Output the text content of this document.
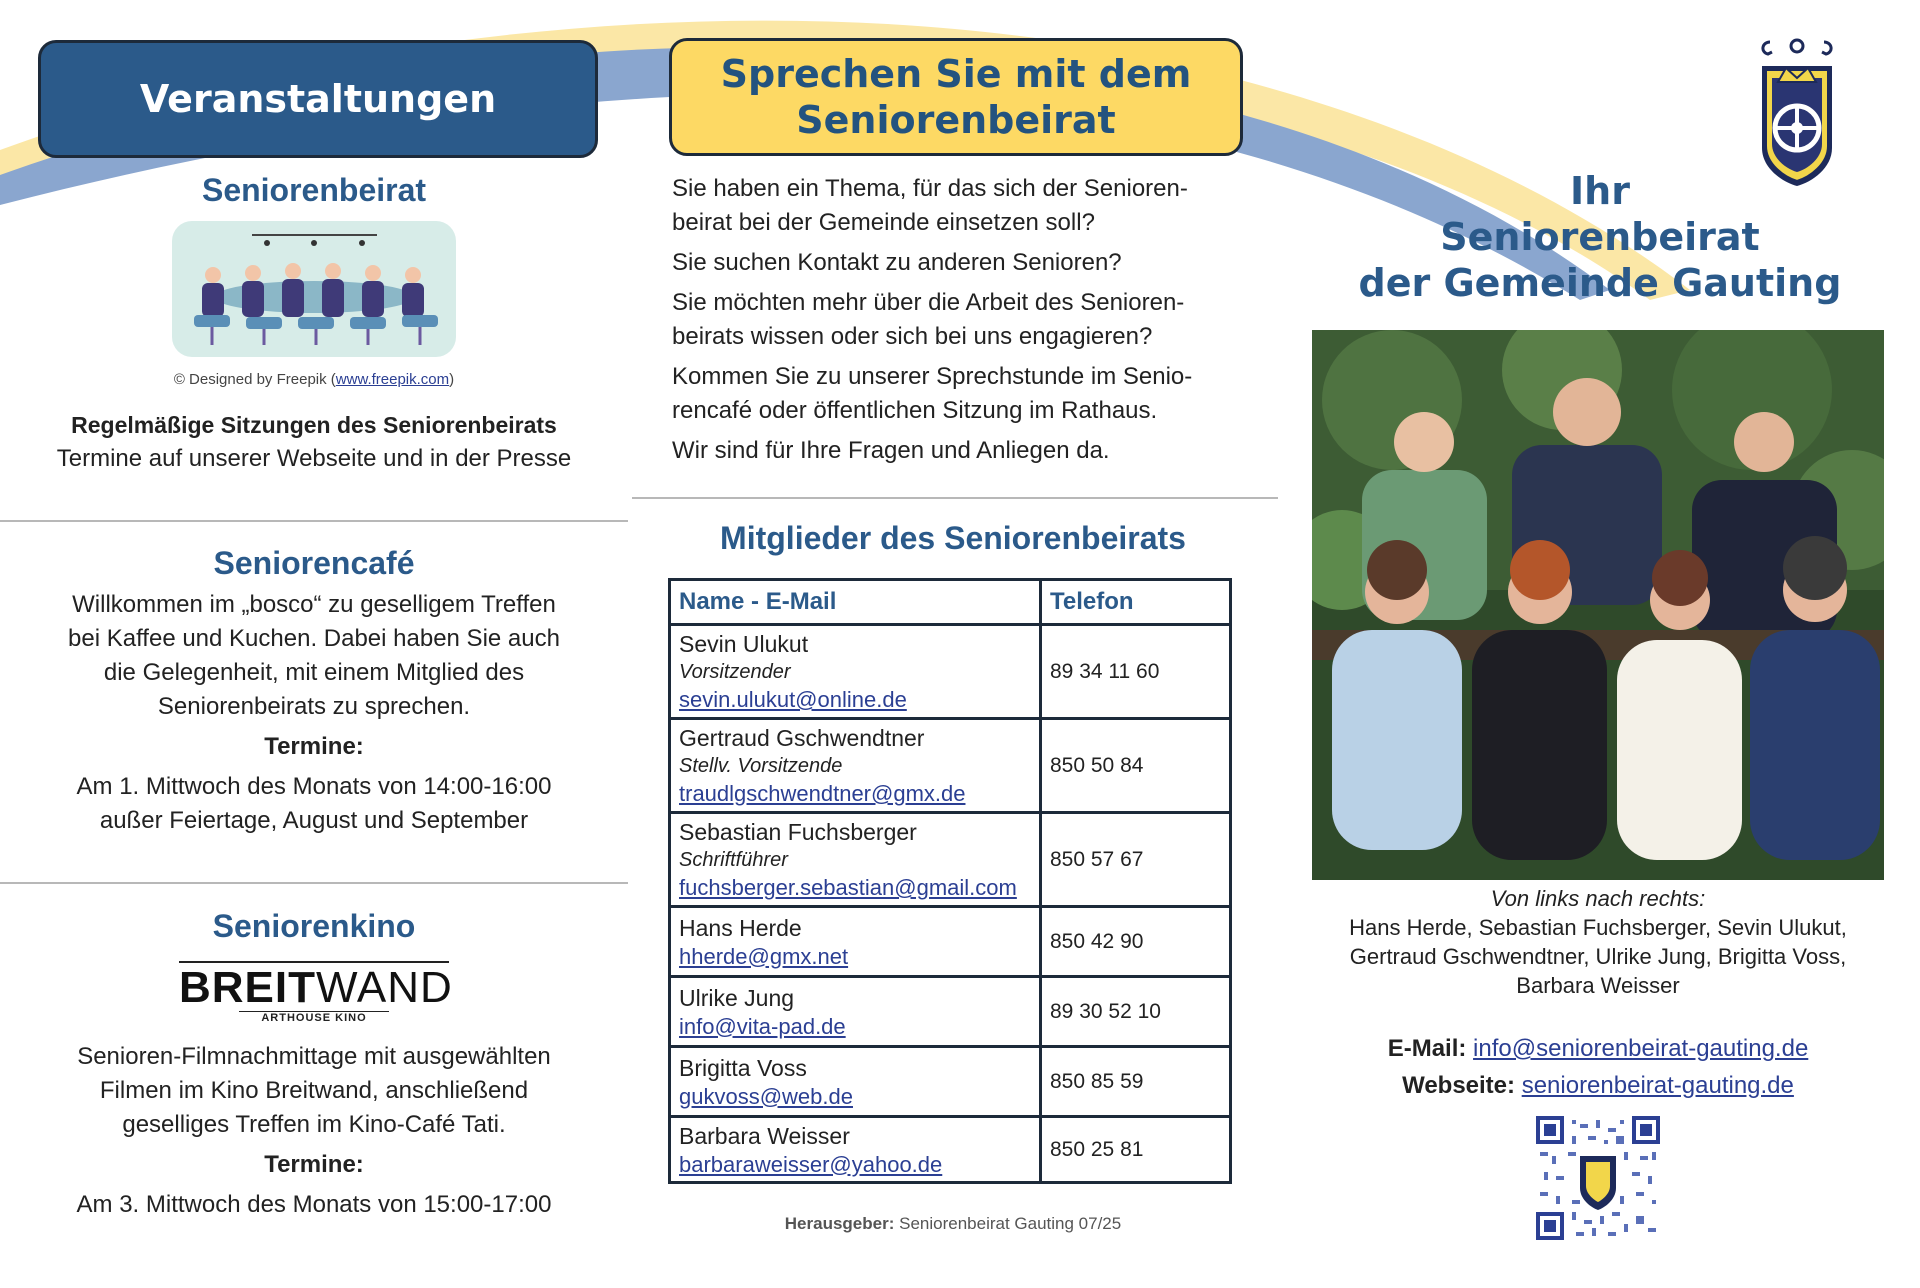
Veranstaltungen
Seniorenbeirat
© Designed by Freepik (www.freepik.com)
Regelmäßige Sitzungen des Seniorenbeirats
Termine auf unserer Webseite und in der Presse
Seniorencafé
Willkommen im „bosco“ zu geselligem Treffen
bei Kaffee und Kuchen. Dabei haben Sie auch
die Gelegenheit, mit einem Mitglied des
Seniorenbeirats zu sprechen.
Termine:
Am 1. Mittwoch des Monats von 14:00-16:00
außer Feiertage, August und September
Seniorenkino
BREITWAND
ARTHOUSE KINO
Senioren-Filmnachmittage mit ausgewählten
Filmen im Kino Breitwand, anschließend
geselliges Treffen im Kino-Café Tati.
Termine:
Am 3. Mittwoch des Monats von 15:00-17:00
Sprechen Sie mit dem
Seniorenbeirat
Sie haben ein Thema, für das sich der Senioren-
beirat bei der Gemeinde einsetzen soll?
Sie suchen Kontakt zu anderen Senioren?
Sie möchten mehr über die Arbeit des Senioren-
beirats wissen oder sich bei uns engagieren?
Kommen Sie zu unserer Sprechstunde im Senio-
rencafé oder öffentlichen Sitzung im Rathaus.
Wir sind für Ihre Fragen und Anliegen da.
Mitglieder des Seniorenbeirats
Name - E-Mail	Telefon

Sevin Ulukut
Vorsitzender
sevin.ulukut@online.de	89 34 11 60

Gertraud Gschwendtner
Stellv. Vorsitzende
traudlgschwendtner@gmx.de	850 50 84

Sebastian Fuchsberger
Schriftführer
fuchsberger.sebastian@gmail.com	850 57 67

Hans Herde
hherde@gmx.net	850 42 90

Ulrike Jung
info@vita-pad.de	89 30 52 10

Brigitta Voss
gukvoss@web.de	850 85 59

Barbara Weisser
barbaraweisser@yahoo.de	850 25 81
Herausgeber: Seniorenbeirat Gauting 07/25
Ihr
Seniorenbeirat
der Gemeinde Gauting
Von links nach rechts:
Hans Herde, Sebastian Fuchsberger, Sevin Ulukut,
Gertraud Gschwendtner, Ulrike Jung, Brigitta Voss,
Barbara Weisser
E-Mail: info@seniorenbeirat-gauting.de
Webseite: seniorenbeirat-gauting.de
